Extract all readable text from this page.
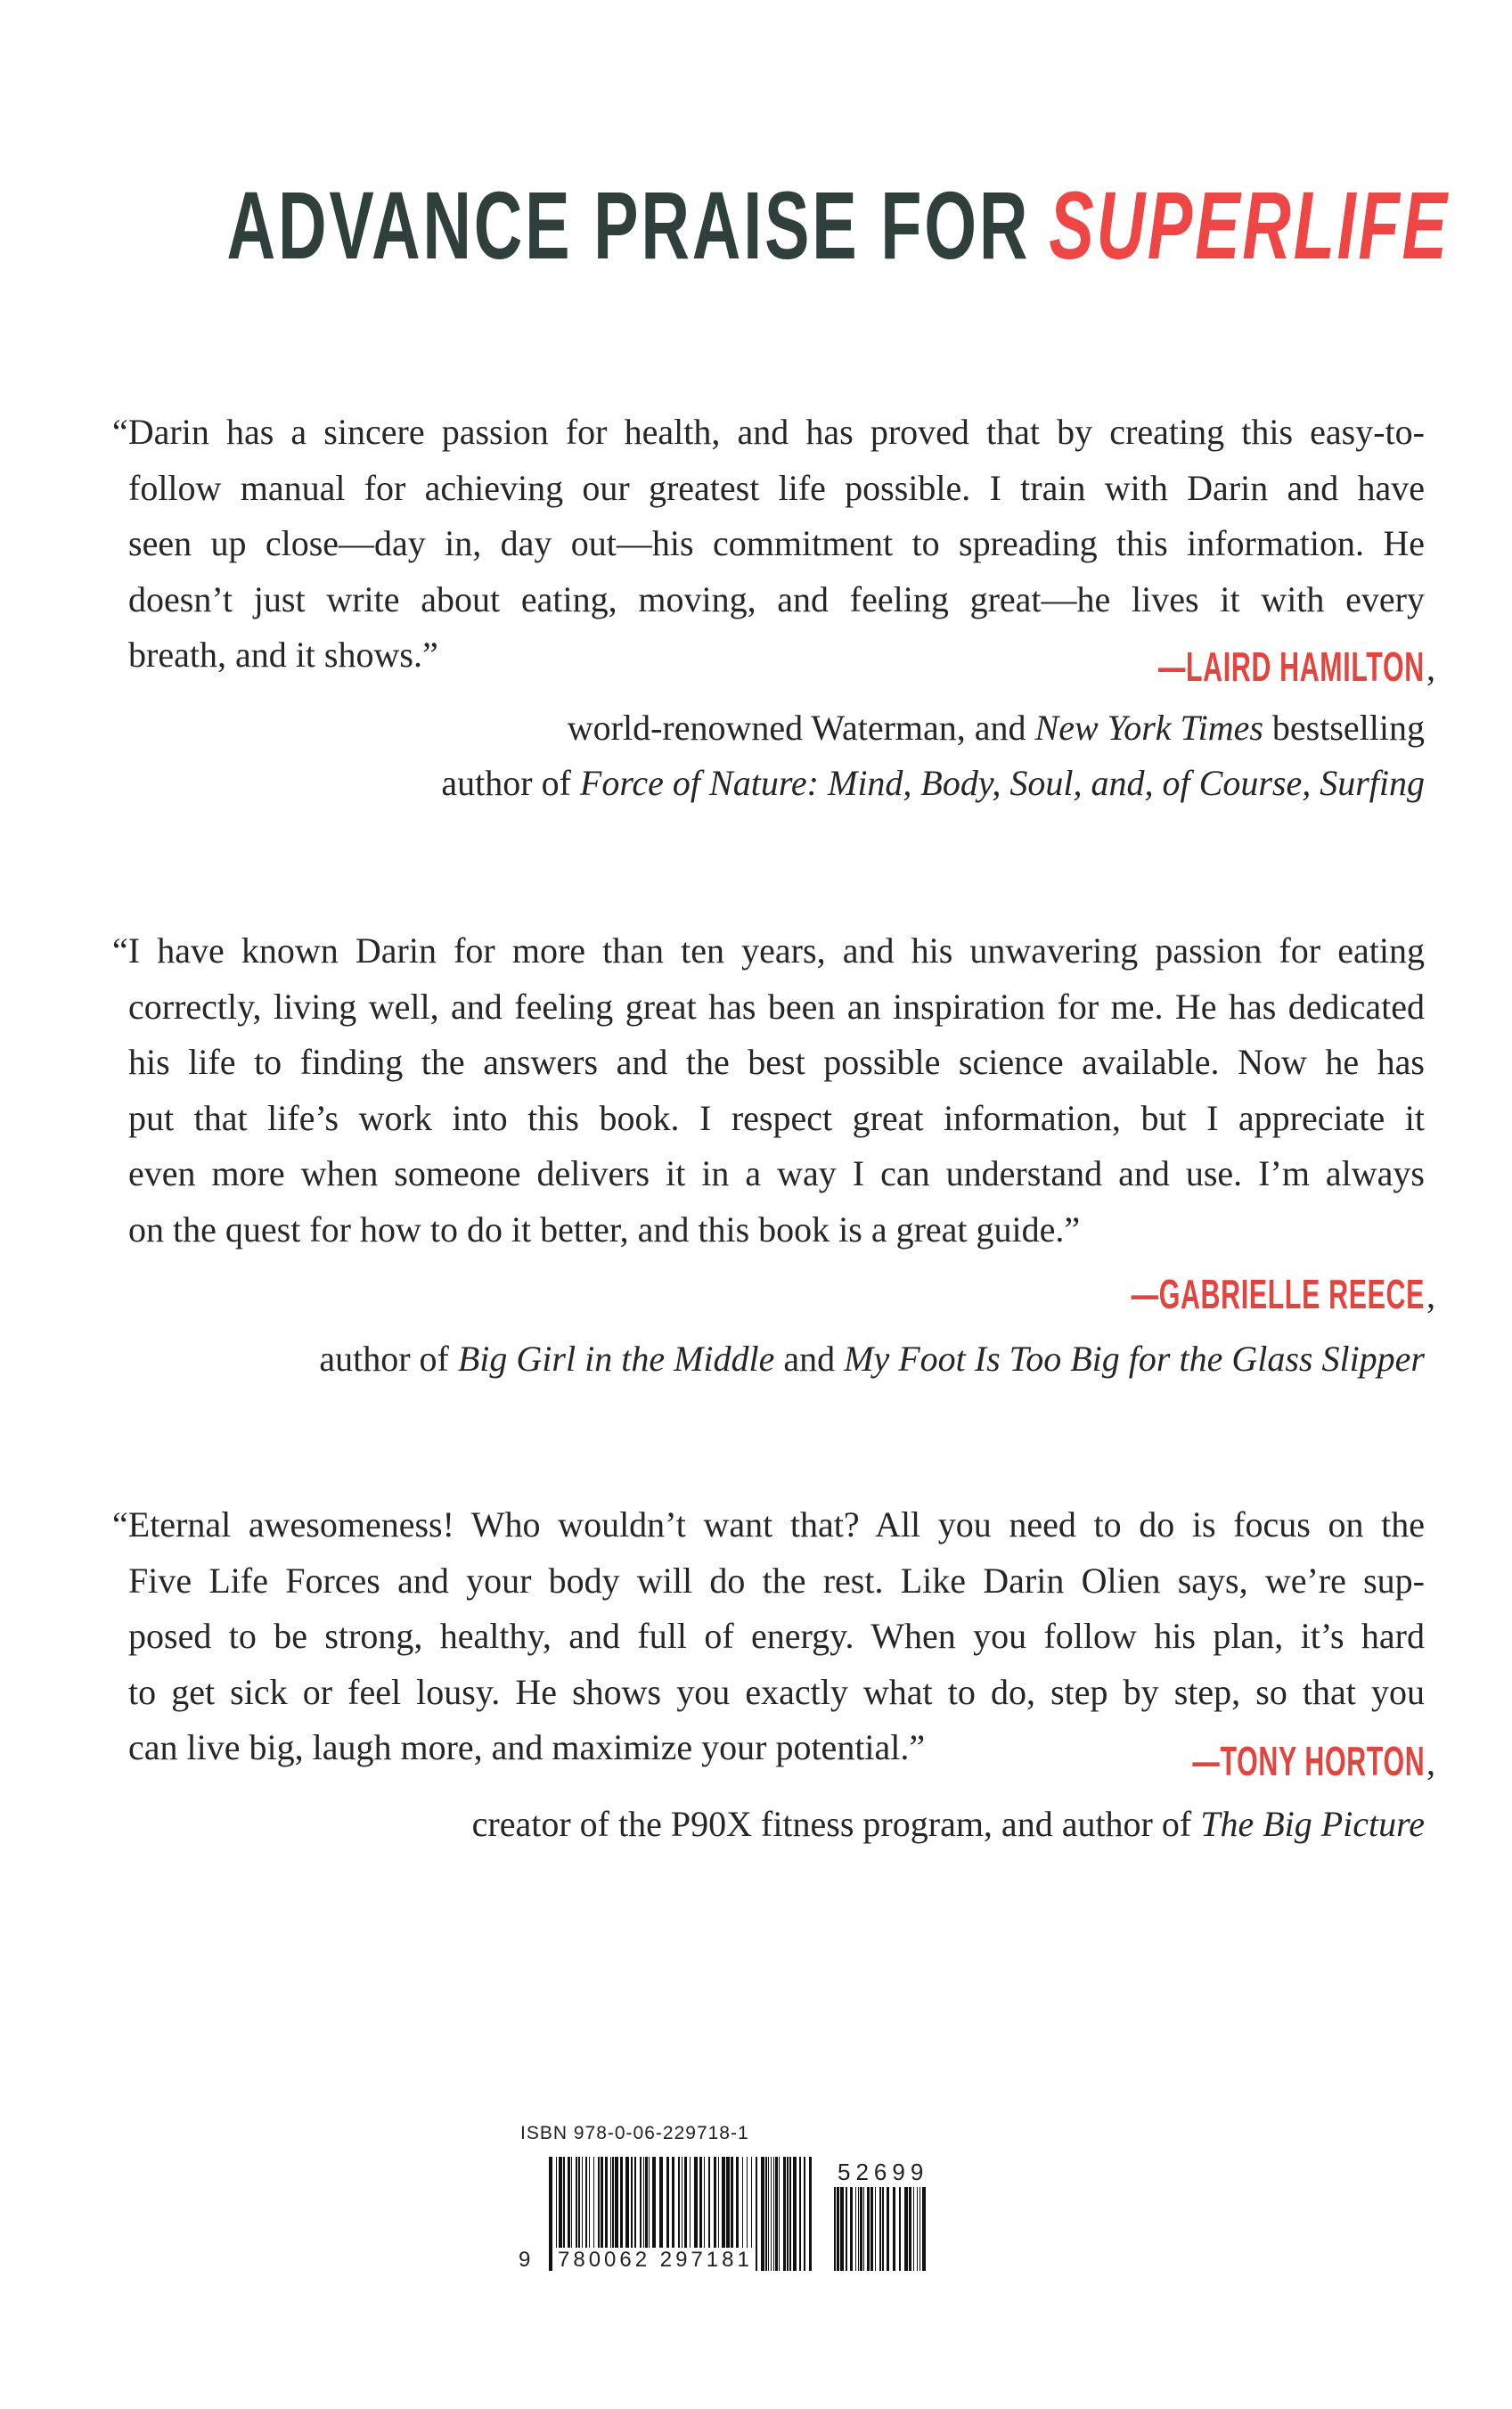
ADVANCE PRAISE FOR SUPERLIFE
“Darin has a sincere passion for health, and has proved that by creating this easy-to-
follow manual for achieving our greatest life possible. I train with Darin and have
seen up close—day in, day out—his commitment to spreading this information. He
doesn’t just write about eating, moving, and feeling great—he lives it with every
breath, and it shows.”	—LAIRD HAMILTON ,
world-renowned Waterman, and New York Times bestselling
author of Force of Nature: Mind, Body, Soul, and, of Course, Surfing
“I have known Darin for more than ten years, and his unwavering passion for eating
correctly, living well, and feeling great has been an inspiration for me. He has dedicated
his life to finding the answers and the best possible science available. Now he has
put that life’s work into this book. I respect great information, but I appreciate it
even more when someone delivers it in a way I can understand and use. I’m always
on the quest for how to do it better, and this book is a great guide.”
—GABRIELLE REECE ,
author of Big Girl in the Middle and My Foot Is Too Big for the Glass Slipper
“Eternal awesomeness! Who wouldn’t want that? All you need to do is focus on the
Five Life Forces and your body will do the rest. Like Darin Olien says, we’re sup-
posed to be strong, healthy, and full of energy. When you follow his plan, it’s hard
to get sick or feel lousy. He shows you exactly what to do, step by step, so that you
can live big, laugh more, and maximize your potential.”	—TONY HORTON ,
creator of the P90X fitness program, and author of The Big Picture
ISBN 978-0-06-229718-1
9 780062 297181
52699
